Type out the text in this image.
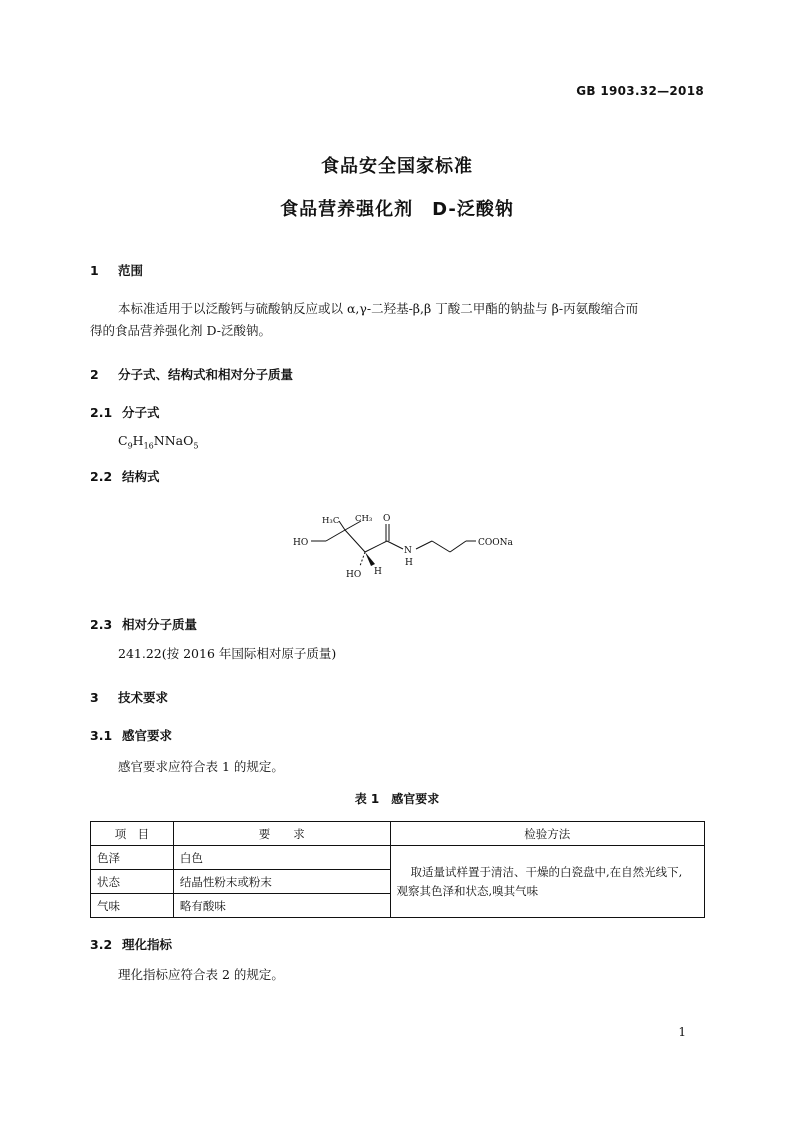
GB 1903.32—2018
食品安全国家标准
食品营养强化剂　D-泛酸钠
1 范围
本标准适用于以泛酸钙与硫酸钠反应或以 α,γ-二羟基-β,β 丁酸二甲酯的钠盐与 β-丙氨酸缩合而
得的食品营养强化剂 D-泛酸钠。
2 分子式、结构式和相对分子质量
2.1 分子式
$C_9H_{16}NNaO_5$
2.2 结构式
H₃C CH₃ O
HO
HO H
N
H
COONa
2.3 相对分子质量
241.22(按 2016 年国际相对原子质量)
3 技术要求
3.1 感官要求
感官要求应符合表 1 的规定。
表 1　感官要求
项　目	要　　求	检验方法
色泽	白色	取适量试样置于清洁、干燥的白瓷盘中,在自然光线下,
观察其色泽和状态,嗅其气味

状态	结晶性粉末或粉末	
气味	略有酸味	
3.2 理化指标
理化指标应符合表 2 的规定。
1
